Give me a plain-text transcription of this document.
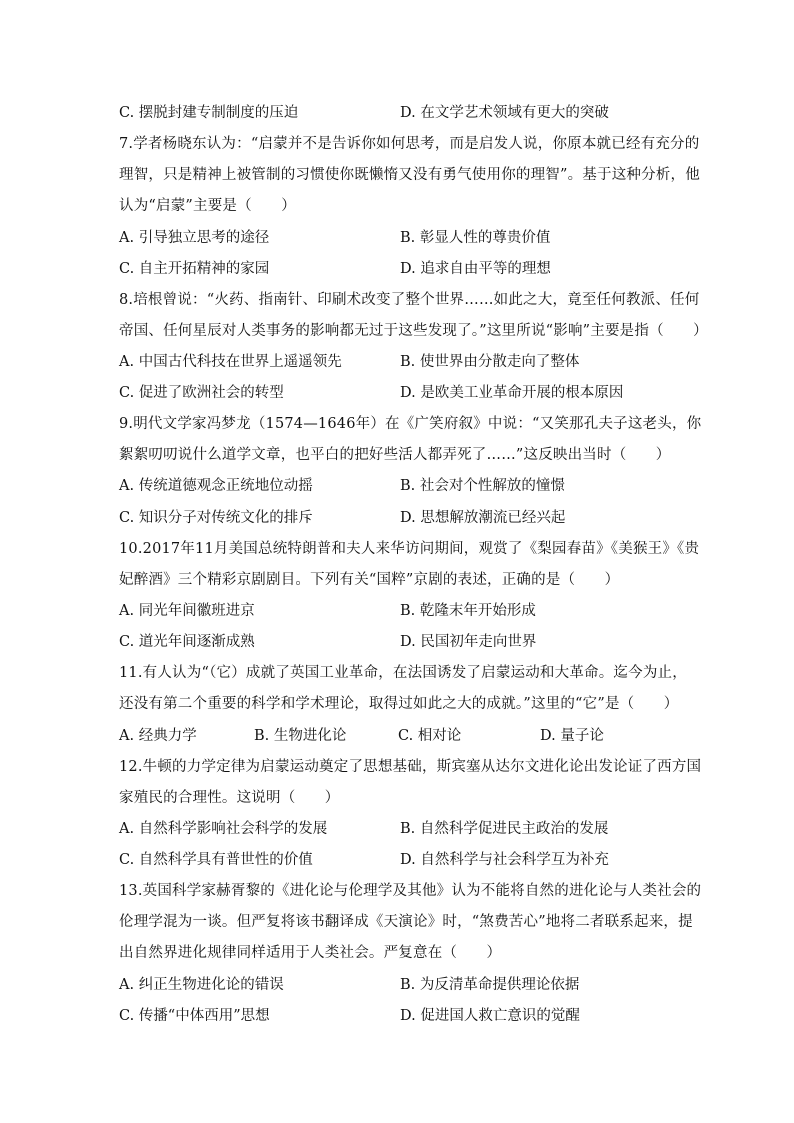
C. 摆脱封建专制制度的压迫	D. 在文学艺术领域有更大的突破
7.学者杨晓东认为：“启蒙并不是告诉你如何思考，而是启发人说，你原本就已经有充分的
理智，只是精神上被管制的习惯使你既懒惰又没有勇气使用你的理智”。基于这种分析，他
认为“启蒙”主要是（　　）
A. 引导独立思考的途径	B. 彰显人性的尊贵价值
C. 自主开拓精神的家园	D. 追求自由平等的理想
8.培根曾说：“火药、指南针、印刷术改变了整个世界……如此之大，竟至任何教派、任何
帝国、任何星辰对人类事务的影响都无过于这些发现了。”这里所说“影响”主要是指（　　）
A. 中国古代科技在世界上遥遥领先	B. 使世界由分散走向了整体
C. 促进了欧洲社会的转型	D. 是欧美工业革命开展的根本原因
9.明代文学家冯梦龙（1574—1646年）在《广笑府叙》中说：“又笑那孔夫子这老头，你
絮絮叨叨说什么道学文章，也平白的把好些活人都弄死了……”这反映出当时（　　）
A. 传统道德观念正统地位动摇	B. 社会对个性解放的憧憬
C. 知识分子对传统文化的排斥	D. 思想解放潮流已经兴起
10.2017年11月美国总统特朗普和夫人来华访问期间，观赏了《梨园春苗》《美猴王》《贵
妃醉酒》三个精彩京剧剧目。下列有关“国粹”京剧的表述，正确的是（　　）
A. 同光年间徽班进京	B. 乾隆末年开始形成
C. 道光年间逐渐成熟	D. 民国初年走向世界
11.有人认为“（它）成就了英国工业革命，在法国诱发了启蒙运动和大革命。迄今为止，
还没有第二个重要的科学和学术理论，取得过如此之大的成就。”这里的“它”是（　　）
A. 经典力学	B. 生物进化论	C. 相对论	D. 量子论
12.牛顿的力学定律为启蒙运动奠定了思想基础，斯宾塞从达尔文进化论出发论证了西方国
家殖民的合理性。这说明（　　）
A. 自然科学影响社会科学的发展	B. 自然科学促进民主政治的发展
C. 自然科学具有普世性的价值	D. 自然科学与社会科学互为补充
13.英国科学家赫胥黎的《进化论与伦理学及其他》认为不能将自然的进化论与人类社会的
伦理学混为一谈。但严复将该书翻译成《天演论》时，“煞费苦心”地将二者联系起来，提
出自然界进化规律同样适用于人类社会。严复意在（　　）
A. 纠正生物进化论的错误	B. 为反清革命提供理论依据
C. 传播“中体西用”思想	D. 促进国人救亡意识的觉醒
